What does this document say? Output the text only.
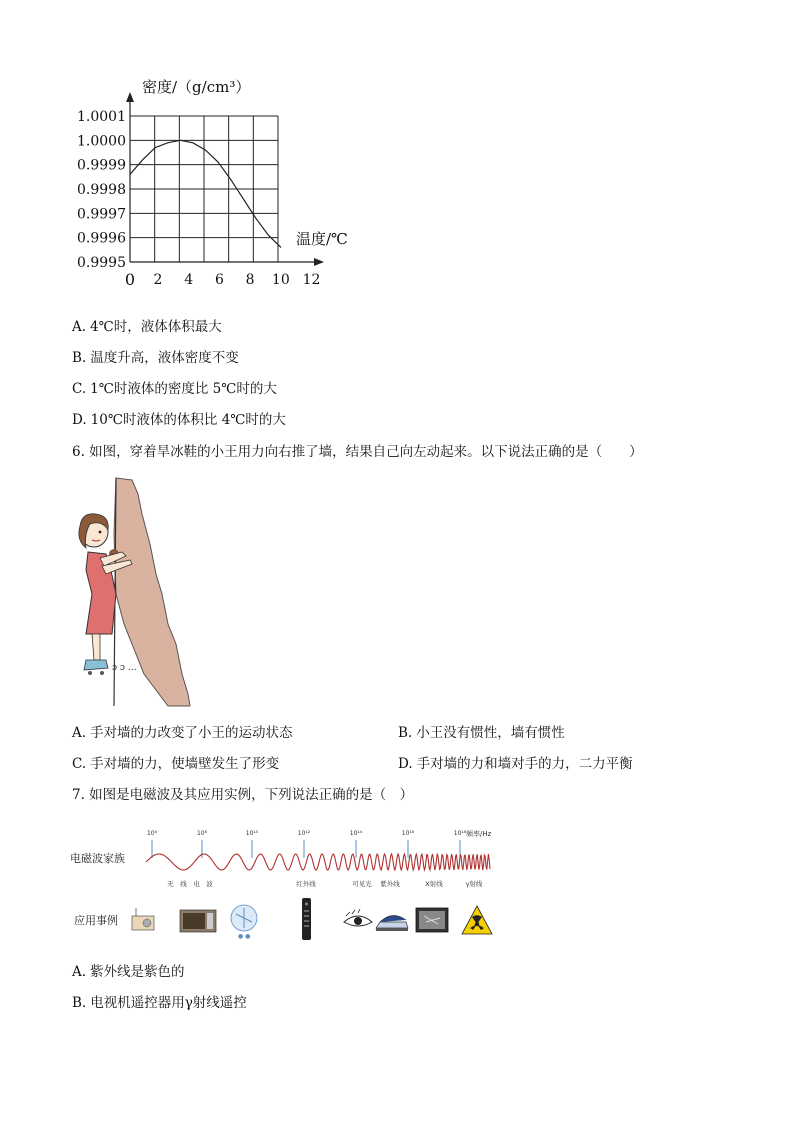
密度/（g/cm³）
温度/℃
1.0001
1.0000
0.9999
0.9998
0.9997
0.9996
0.9995
0 2 4 6 8 10 12
A. 4℃时，液体体积最大
B. 温度升高，液体密度不变
C. 1℃时液体的密度比 5℃时的大
D. 10℃时液体的体积比 4℃时的大
6. 如图，穿着旱冰鞋的小王用力向右推了墙，结果自己向左动起来。以下说法正确的是（　　）
ɔ ɔ …
A. 手对墙的力改变了小王的运动状态	B. 小王没有惯性，墙有惯性
C. 手对墙的力，使墙壁发生了形变	D. 手对墙的力和墙对手的力，二力平衡
7. 如图是电磁波及其应用实例，下列说法正确的是（　）
电磁波家族
应用事例
频率/Hz
10⁶	10⁸	10¹⁰	10¹²	10¹⁴	10¹⁶	10¹⁸
无　线　电　波	红外线	可见光 紫外线	X射线	γ射线
● ●
A. 紫外线是紫色的
B. 电视机遥控器用γ射线遥控
